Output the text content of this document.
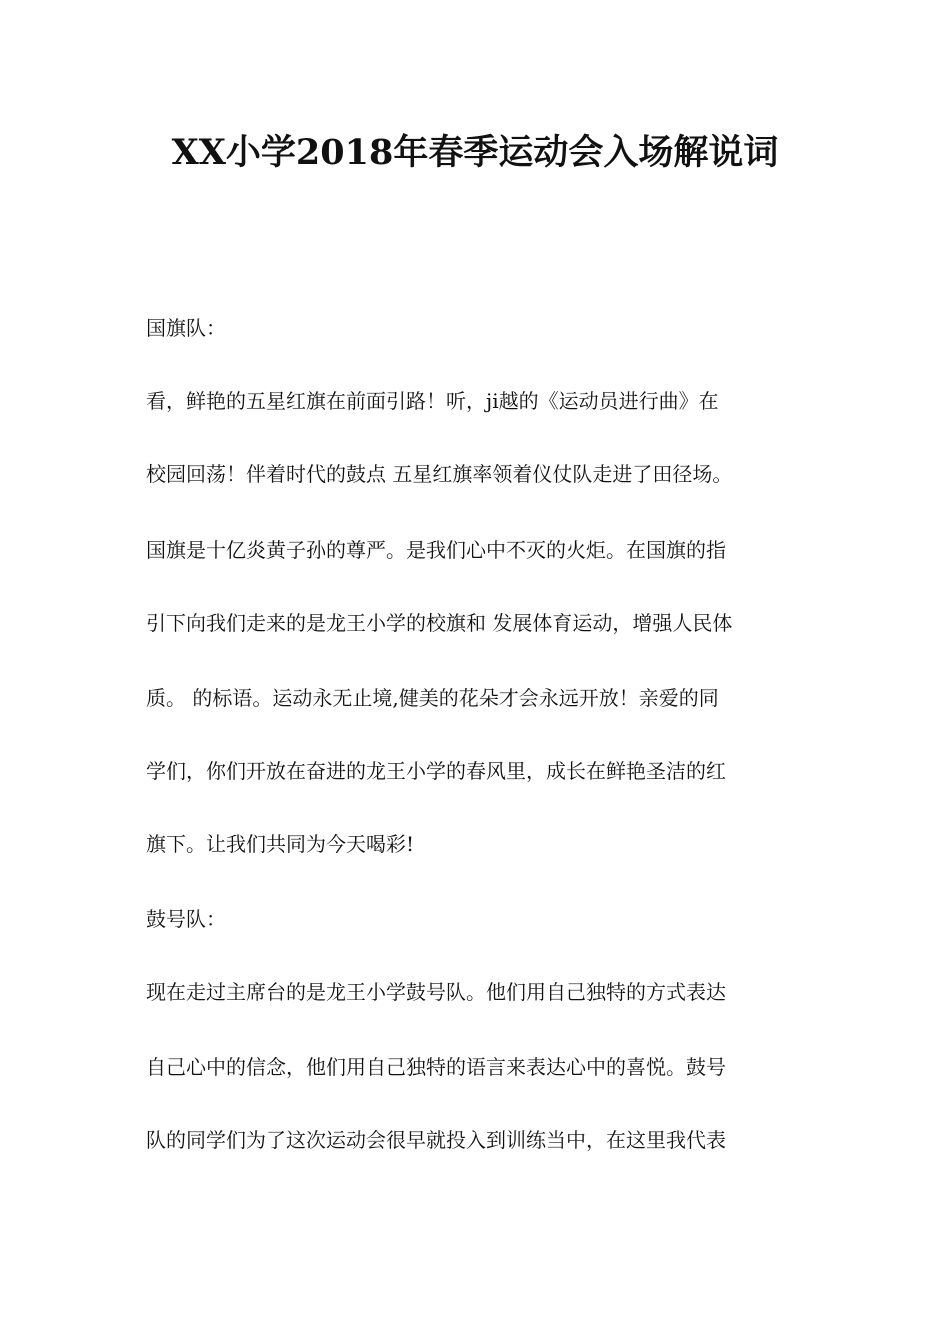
XX小学2018年春季运动会入场解说词
国旗队：
看，鲜艳的五星红旗在前面引路！听，ji越的《运动员进行曲》在
校园回荡！伴着时代的鼓点 五星红旗率领着仪仗队走进了田径场。
国旗是十亿炎黄子孙的尊严。是我们心中不灭的火炬。在国旗的指
引下向我们走来的是龙王小学的校旗和 发展体育运动，增强人民体
质。 的标语。运动永无止境,健美的花朵才会永远开放！亲爱的同
学们，你们开放在奋进的龙王小学的春风里，成长在鲜艳圣洁的红
旗下。让我们共同为今天喝彩!
鼓号队：
现在走过主席台的是龙王小学鼓号队。他们用自己独特的方式表达
自己心中的信念，他们用自己独特的语言来表达心中的喜悦。鼓号
队的同学们为了这次运动会很早就投入到训练当中，在这里我代表
